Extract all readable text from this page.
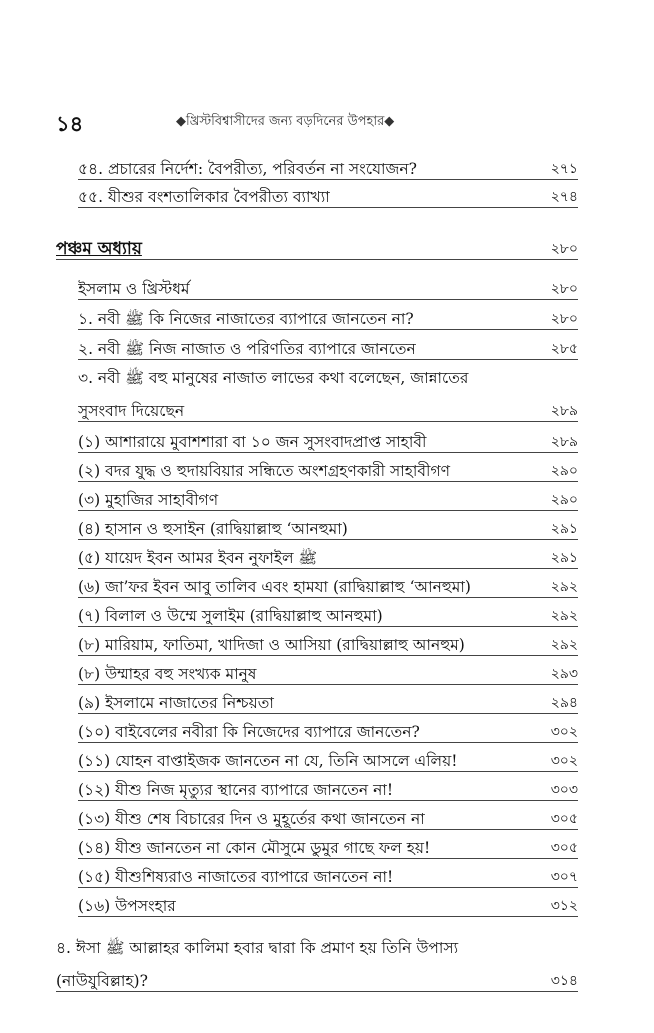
১৪	◆খ্রিস্টবিশ্বাসীদের জন্য বড়দিনের উপহার◆
৫৪. প্রচারের নির্দেশ: বৈপরীত্য, পরিবর্তন না সংযোজন?	২৭১
৫৫. যীশুর বংশতালিকার বৈপরীত্য ব্যাখ্যা	২৭৪
পঞ্চম অধ্যায়	২৮০
ইসলাম ও খ্রিস্টধর্ম	২৮০
১. নবী ﷺ কি নিজের নাজাতের ব্যাপারে জানতেন না?	২৮০
২. নবী ﷺ নিজ নাজাত ও পরিণতির ব্যাপারে জানতেন	২৮৫
৩. নবী ﷺ বহু মানুষের নাজাত লাভের কথা বলেছেন, জান্নাতের
সুসংবাদ দিয়েছেন	২৮৯
(১) আশারায়ে মুবাশশারা বা ১০ জন সুসংবাদপ্রাপ্ত সাহাবী	২৮৯
(২) বদর যুদ্ধ ও হুদায়বিয়ার সন্ধিতে অংশগ্রহণকারী সাহাবীগণ	২৯০
(৩) মুহাজির সাহাবীগণ	২৯০
(৪) হাসান ও হুসাইন (রাদ্বিয়াল্লাহু ‘আনহুমা)	২৯১
(৫) যায়েদ ইবন আমর ইবন নুফাইল ﷺ	২৯১
(৬) জা’ফর ইবন আবু তালিব এবং হামযা (রাদ্বিয়াল্লাহু ‘আনহুমা)	২৯২
(৭) বিলাল ও উম্মে সুলাইম (রাদ্বিয়াল্লাহু আনহুমা)	২৯২
(৮) মারিয়াম, ফাতিমা, খাদিজা ও আসিয়া (রাদ্বিয়াল্লাহু আনহুম)	২৯২
(৮) উম্মাহর বহু সংখ্যক মানুষ	২৯৩
(৯) ইসলামে নাজাতের নিশ্চয়তা	২৯৪
(১০) বাইবেলের নবীরা কি নিজেদের ব্যাপারে জানতেন?	৩০২
(১১) যোহন বাপ্তাইজক জানতেন না যে, তিনি আসলে এলিয়!	৩০২
(১২) যীশু নিজ মৃত্যুর স্থানের ব্যাপারে জানতেন না!	৩০৩
(১৩) যীশু শেষ বিচারের দিন ও মুহূর্তের কথা জানতেন না	৩০৫
(১৪) যীশু জানতেন না কোন মৌসুমে ডুমুর গাছে ফল হয়!	৩০৫
(১৫) যীশুশিষ্যরাও নাজাতের ব্যাপারে জানতেন না!	৩০৭
(১৬) উপসংহার	৩১২
৪. ঈসা ﷺ আল্লাহর কালিমা হবার দ্বারা কি প্রমাণ হয় তিনি উপাস্য
(নাউযুবিল্লাহ)?	৩১৪
